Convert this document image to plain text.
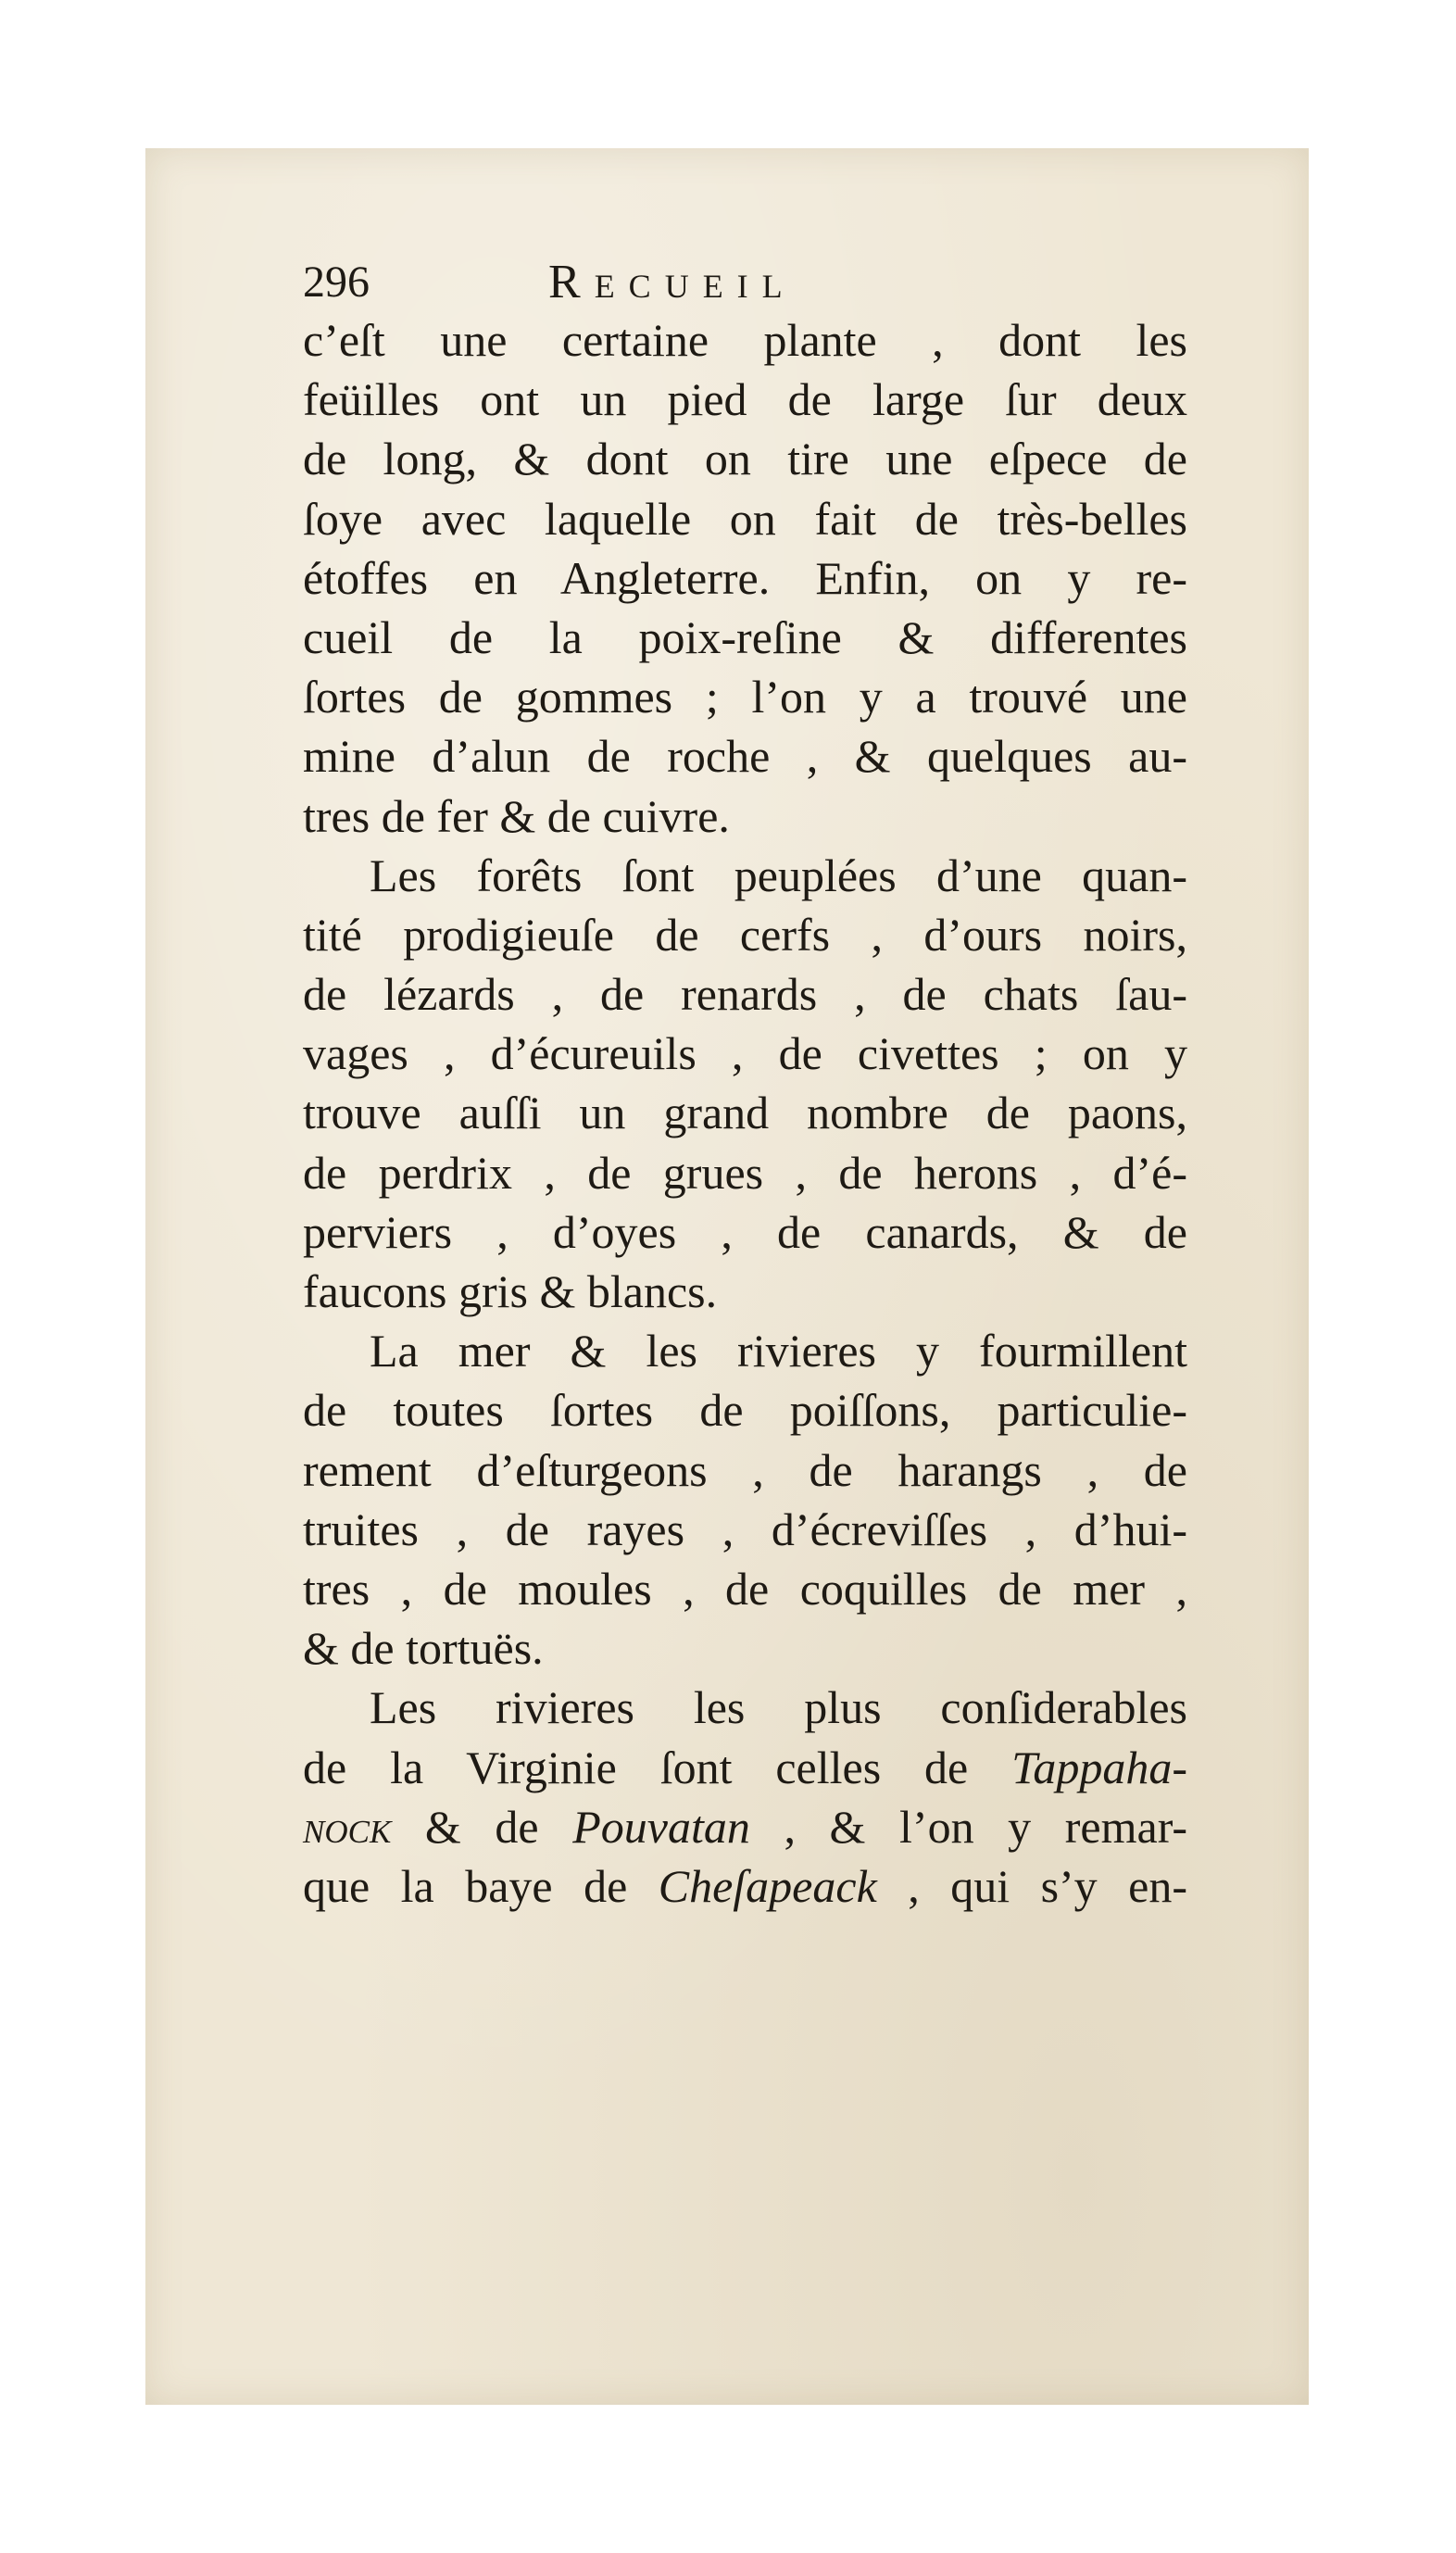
296	RECUEIL
c’eſt une certaine plante , dont les
feüilles ont un pied de large ſur deux
de long, & dont on tire une eſpece de
ſoye avec laquelle on fait de très-belles
étoffes en Angleterre. Enfin, on y re-
cueil de la poix-reſine & differentes
ſortes de gommes ; l’on y a trouvé une
mine d’alun de roche , & quelques au-
tres de fer & de cuivre.
Les forêts ſont peuplées d’une quan-
tité prodigieuſe de cerfs , d’ours noirs,
de lézards , de renards , de chats ſau-
vages , d’écureuils , de civettes ; on y
trouve auſſi un grand nombre de paons,
de perdrix , de grues , de herons , d’é-
perviers , d’oyes , de canards, & de
faucons gris & blancs.
La mer & les rivieres y fourmillent
de toutes ſortes de poiſſons, particulie-
rement d’eſturgeons , de harangs , de
truites , de rayes , d’écreviſſes , d’hui-
tres , de moules , de coquilles de mer ,
& de tortuës.
Les rivieres les plus conſiderables
de la Virginie ſont celles de Tappaha-
nock & de Pouvatan , & l’on y remar-
que la baye de Cheſapeack , qui s’y en-
